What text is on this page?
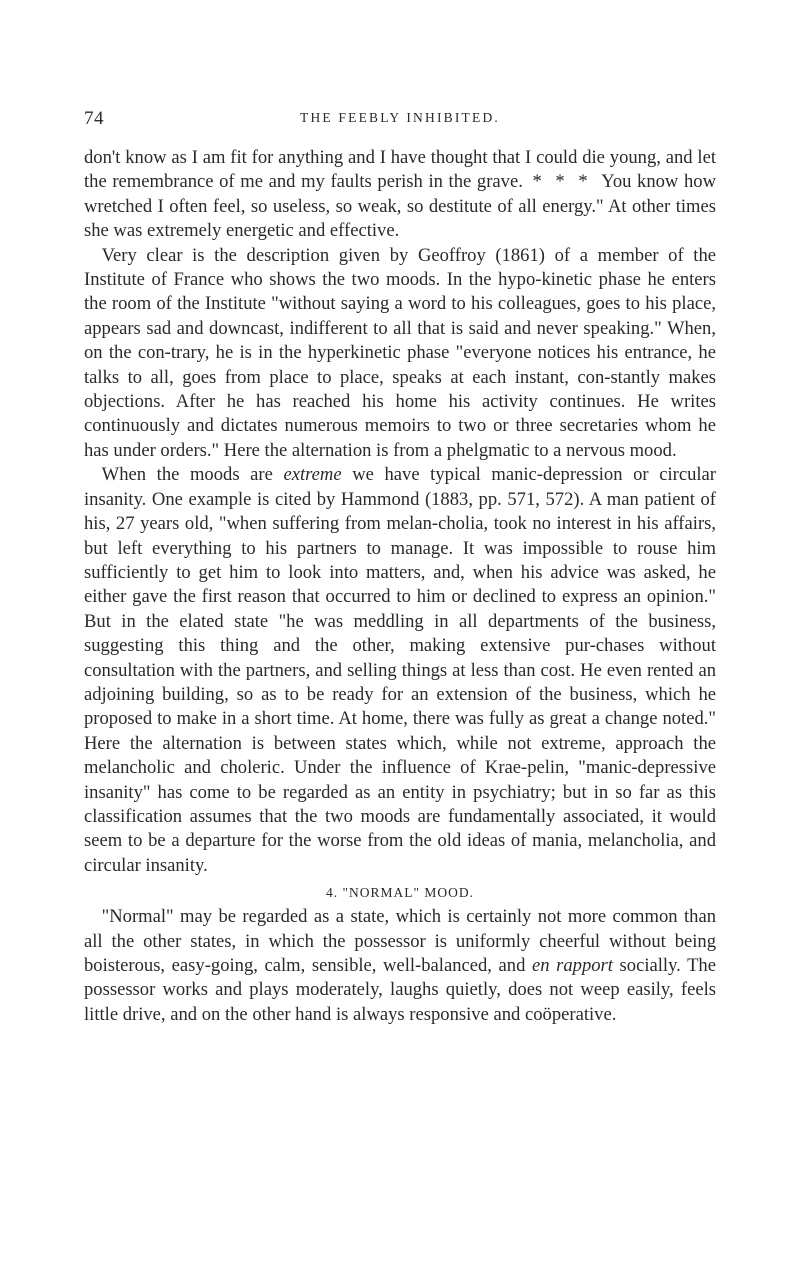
74	THE FEEBLY INHIBITED.

don't know as I am fit for anything and I have thought that I could die young, and let the remembrance of me and my faults perish in the grave. * * * You know how wretched I often feel, so useless, so weak, so destitute of all energy." At other times she was extremely energetic and effective.

Very clear is the description given by Geoffroy (1861) of a member of the Institute of France who shows the two moods. In the hypo-kinetic phase he enters the room of the Institute "without saying a word to his colleagues, goes to his place, appears sad and downcast, indifferent to all that is said and never speaking." When, on the con-trary, he is in the hyperkinetic phase "everyone notices his entrance, he talks to all, goes from place to place, speaks at each instant, con-stantly makes objections. After he has reached his home his activity continues. He writes continuously and dictates numerous memoirs to two or three secretaries whom he has under orders." Here the alternation is from a phelgmatic to a nervous mood.

When the moods are extreme we have typical manic-depression or circular insanity. One example is cited by Hammond (1883, pp. 571, 572). A man patient of his, 27 years old, "when suffering from melan-cholia, took no interest in his affairs, but left everything to his partners to manage. It was impossible to rouse him sufficiently to get him to look into matters, and, when his advice was asked, he either gave the first reason that occurred to him or declined to express an opinion." But in the elated state "he was meddling in all departments of the business, suggesting this thing and the other, making extensive pur-chases without consultation with the partners, and selling things at less than cost. He even rented an adjoining building, so as to be ready for an extension of the business, which he proposed to make in a short time. At home, there was fully as great a change noted." Here the alternation is between states which, while not extreme, approach the melancholic and choleric. Under the influence of Krae-pelin, "manic-depressive insanity" has come to be regarded as an entity in psychiatry; but in so far as this classification assumes that the two moods are fundamentally associated, it would seem to be a departure for the worse from the old ideas of mania, melancholia, and circular insanity.

4. "NORMAL" MOOD.

"Normal" may be regarded as a state, which is certainly not more common than all the other states, in which the possessor is uniformly cheerful without being boisterous, easy-going, calm, sensible, well-balanced, and en rapport socially. The possessor works and plays moderately, laughs quietly, does not weep easily, feels little drive, and on the other hand is always responsive and coöperative.
